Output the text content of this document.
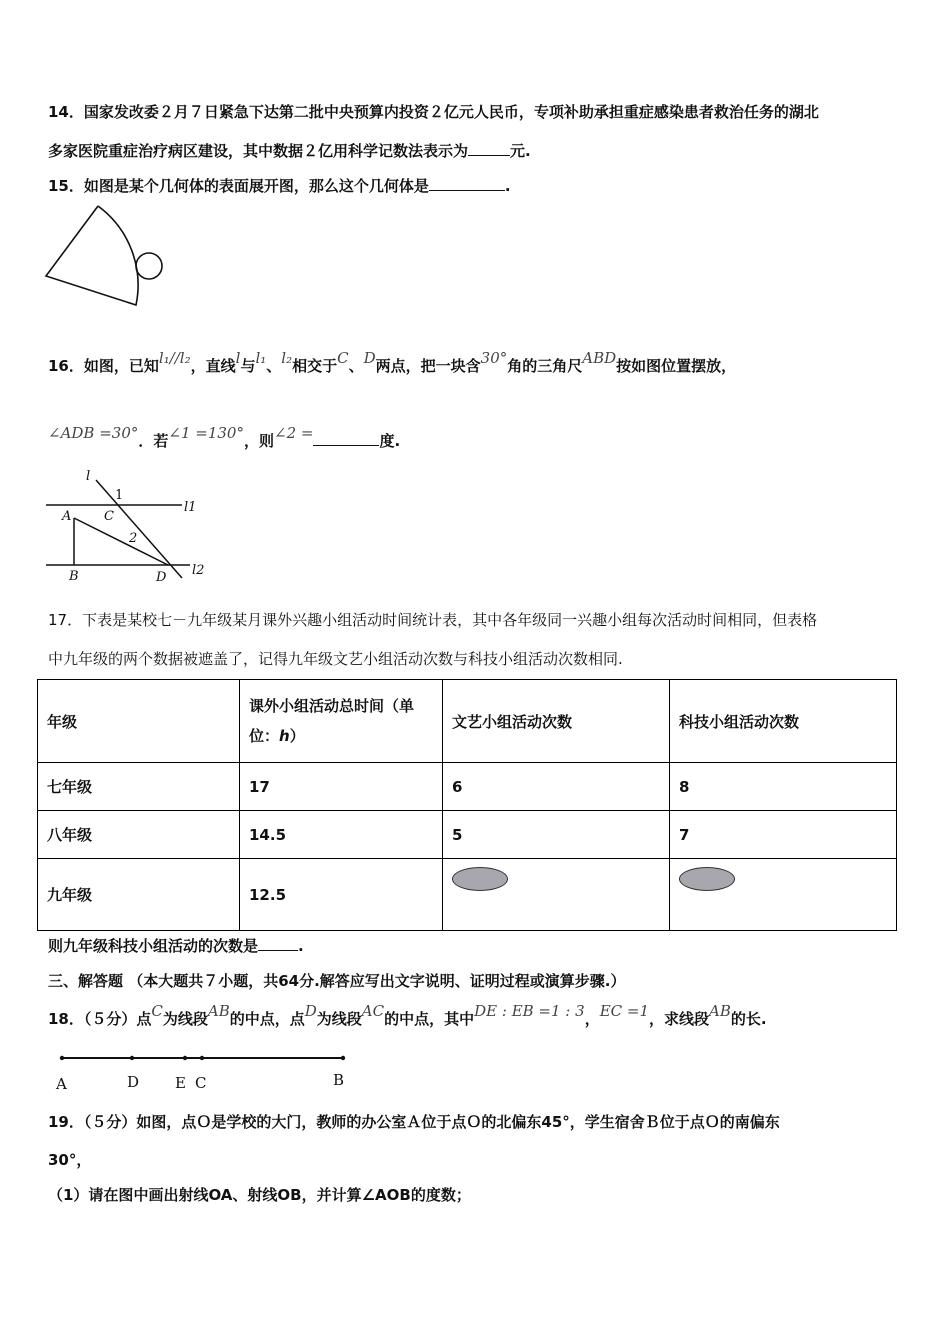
14．国家发改委２月７日紧急下达第二批中央预算内投资２亿元人民币，专项补助承担重症感染患者救治任务的湖北
多家医院重症治疗病区建设，其中数据２亿用科学记数法表示为	元.
15．如图是某个几何体的表面展开图，那么这个几何体是	.
16．如图，已知l₁//l₂，直线l与l₁、l₂相交于C、D两点，把一块含30°角的三角尺ABD按如图位置摆放，
∠ADB =30°．若∠1 =130°，则∠2 =	度.
l
1
l1
A	C
2
B	D l2
17．下表是某校七－九年级某月课外兴趣小组活动时间统计表，其中各年级同一兴趣小组每次活动时间相同，但表格
中九年级的两个数据被遮盖了，记得九年级文艺小组活动次数与科技小组活动次数相同.
年级	课外小组活动总时间（单
位：h）	文艺小组活动次数	科技小组活动次数
七年级	17	6	8
八年级	14.5	5	7
九年级	12.5		
则九年级科技小组活动的次数是	.
三、解答题 （本大题共７小题，共64分.解答应写出文字说明、证明过程或演算步骤.）
18．（５分）点C为线段AB的中点，点D为线段AC的中点，其中DE : EB =1 : 3，EC =1，求线段AB的长.
A	D E C	B
19．（５分）如图，点Ｏ是学校的大门，教师的办公室Ａ位于点Ｏ的北偏东45°，学生宿舍Ｂ位于点Ｏ的南偏东
30°，
（1）请在图中画出射线OA、射线OB，并计算∠AOB的度数；
